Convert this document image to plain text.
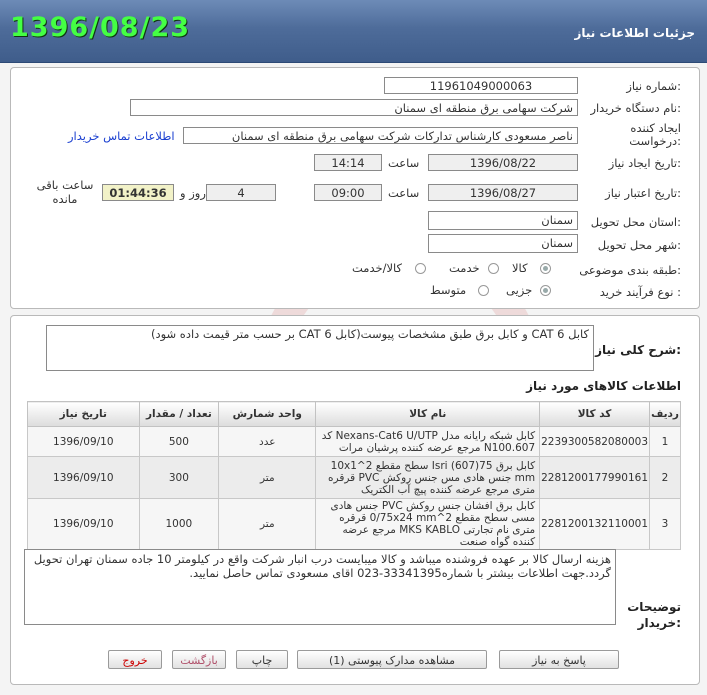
1396/08/23	جزئیات اطلاعات نیاز
شماره نیاز:
11961049000063
نام دستگاه خریدار:
شرکت سهامی برق منطقه ای سمنان
ایجاد کننده
درخواست:
ناصر مسعودی کارشناس تدارکات شرکت سهامی برق منطقه ای سمنان
اطلاعات تماس خریدار
تاریخ ایجاد نیاز:
1396/08/22
ساعت
14:14
تاریخ اعتبار نیاز:
1396/08/27
ساعت
09:00
4
روز و
01:44:36
ساعت باقی
مانده
استان محل تحویل:
سمنان
شهر محل تحویل:
سمنان
طبقه بندی موضوعی:
کالا
خدمت
کالا/خدمت
نوع فرآیند خرید :
جزیی
متوسط
شرح کلی نیاز:
کابل CAT 6 و کابل برق طبق مشخصات پیوست(کابل CAT 6 بر حسب متر قیمت داده شود)
اطلاعات کالاهای مورد نیاز
ردیف	کد کالا	نام کالا	واحد شمارش	تعداد / مقدار	تاریخ نیاز
1	2239300582080003	کابل شبکه رایانه مدل Nexans-Cat6 U/UTP کد N100.607 مرجع عرضه کننده پرشیان مرات	عدد	500	1396/09/10
2	2281200177990161	کابل برق Isri (607)75 سطح مقطع 2^10x1 mm جنس هادی مس جنس روکش PVC قرقره متری مرجع عرضه کننده پیچ آب الکتریک	متر	300	1396/09/10
3	2281200132110001	کابل برق افشان جنس روکش PVC جنس هادی مسی سطح مقطع 2^0/75x24 mm قرقره متری نام تجارتی MKS KABLO مرجع عرضه کننده گواه صنعت	متر	1000	1396/09/10
توضیحات
خریدار:
هزینه ارسال کالا بر عهده فروشنده میباشد و کالا میبایست درب انبار شرکت واقع در کیلومتر 10 جاده سمنان تهران تحویل گردد.جهت اطلاعات بیشتر با شماره33341395-023 اقای مسعودی تماس حاصل نمایید.
پاسخ به نیاز
مشاهده مدارک پیوستی (1)
چاپ
بازگشت
خروج
